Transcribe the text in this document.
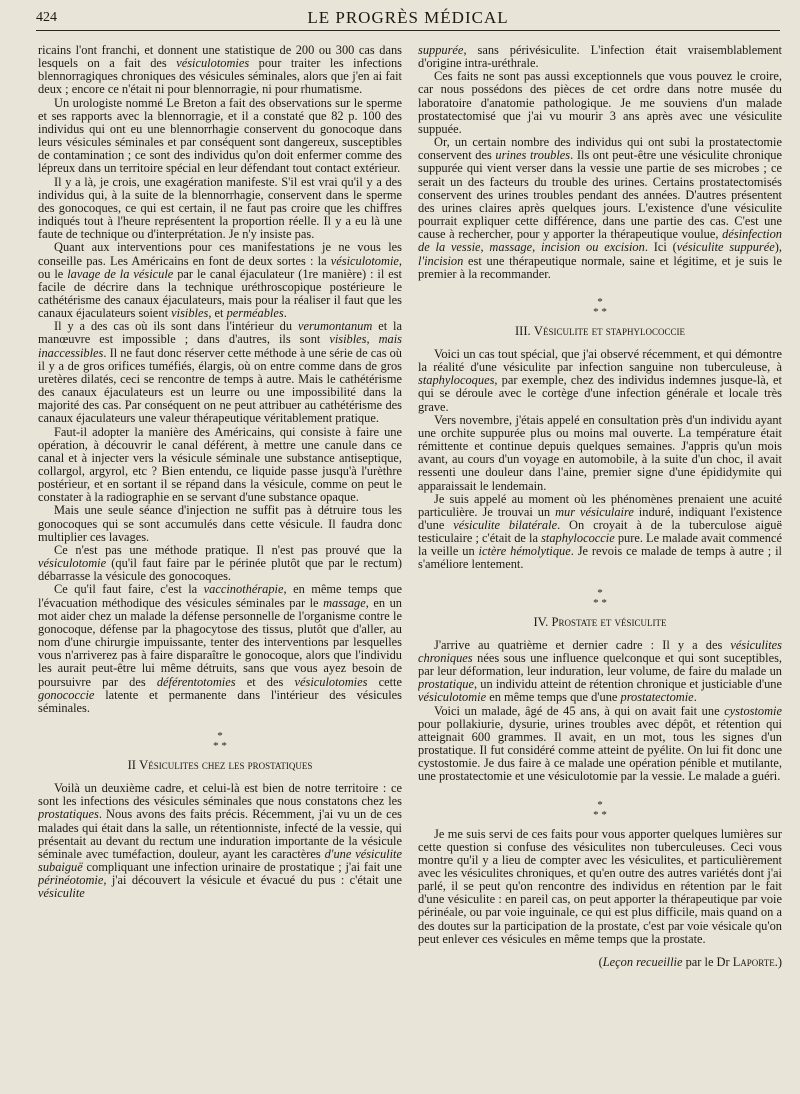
424	LE PROGRÈS MÉDICAL

ricains l'ont franchi, et donnent une statistique de 200 ou 300 cas dans lesquels on a fait des vésiculotomies pour traiter les infections blennorragiques chroniques des vésicules séminales, alors que j'en ai fait deux ; encore ce n'était ni pour blennorragie, ni pour rhumatisme.

Un urologiste nommé Le Breton a fait des observations sur le sperme et ses rapports avec la blennorragie, et il a constaté que 82 p. 100 des individus qui ont eu une blennorrhagie conservent du gonocoque dans leurs vésicules séminales et par conséquent sont dangereux, susceptibles de contamination ; ce sont des individus qu'on doit enfermer comme des lépreux dans un territoire spécial en leur défendant tout contact extérieur.

Il y a là, je crois, une exagération manifeste. S'il est vrai qu'il y a des individus qui, à la suite de la blennorrhagie, conservent dans le sperme des gonocoques, ce qui est certain, il ne faut pas croire que les chiffres indiqués tout à l'heure représentent la proportion réelle. Il y a eu là une faute de technique ou d'interprétation. Je n'y insiste pas.

Quant aux interventions pour ces manifestations je ne vous les conseille pas. Les Américains en font de deux sortes : la vésiculotomie, ou le lavage de la vésicule par le canal éjaculateur (1re manière) : il est facile de décrire dans la technique uréthroscopique postérieure le cathétérisme des canaux éjaculateurs, mais pour la réaliser il faut que les canaux éjaculateurs soient visibles, et perméables.

Il y a des cas où ils sont dans l'intérieur du verumontanum et la manœuvre est impossible ; dans d'autres, ils sont visibles, mais inaccessibles. Il ne faut donc réserver cette méthode à une série de cas où il y a de gros orifices tuméfiés, élargis, où on entre comme dans de gros uretères dilatés, ceci se rencontre de temps à autre. Mais le cathétérisme des canaux éjaculateurs est un leurre ou une impossibilité dans la majorité des cas. Par conséquent on ne peut attribuer au cathétérisme des canaux éjaculateurs une valeur thérapeutique véritablement pratique.

Faut-il adopter la manière des Américains, qui consiste à faire une opération, à découvrir le canal déférent, à mettre une canule dans ce canal et à injecter vers la vésicule séminale une substance antiseptique, collargol, argyrol, etc ? Bien entendu, ce liquide passe jusqu'à l'urèthre postérieur, et en sortant il se répand dans la vésicule, comme on peut le constater à la radiographie en se servant d'une substance opaque.

Mais une seule séance d'injection ne suffit pas à détruire tous les gonocoques qui se sont accumulés dans cette vésicule. Il faudra donc multiplier ces lavages.

Ce n'est pas une méthode pratique. Il n'est pas prouvé que la vésiculotomie (qu'il faut faire par le périnée plutôt que par le rectum) débarrasse la vésicule des gonocoques.

Ce qu'il faut faire, c'est la vaccinothérapie, en même temps que l'évacuation méthodique des vésicules séminales par le massage, en un mot aider chez un malade la défense personnelle de l'organisme contre le gonocoque, défense par la phagocytose des tissus, plutôt que d'aller, au nom d'une chirurgie impuissante, tenter des interventions par lesquelles vous n'arriverez pas à faire disparaître le gonocoque, alors que l'individu les aurait peut-être lui même détruits, sans que vous ayez besoin de poursuivre par des déférentotomies et des vésiculotomies cette gonococcie latente et permanente dans l'intérieur des vésicules séminales.

*
* *
II Vésiculites chez les prostatiques

Voilà un deuxième cadre, et celui-là est bien de notre territoire : ce sont les infections des vésicules séminales que nous constatons chez les prostatiques. Nous avons des faits précis. Récemment, j'ai vu un de ces malades qui était dans la salle, un rétentionniste, infecté de la vessie, qui présentait au devant du rectum une induration importante de la vésicule séminale avec tuméfaction, douleur, ayant les caractères d'une vésiculite subaiguë compliquant une infection urinaire de prostatique ; j'ai fait une périnéotomie, j'ai découvert la vésicule et évacué du pus : c'était une vésiculite

suppurée, sans périvésiculite. L'infection était vraisemblablement d'origine intra-uréthrale.

Ces faits ne sont pas aussi exceptionnels que vous pouvez le croire, car nous possédons des pièces de cet ordre dans notre musée du laboratoire d'anatomie pathologique. Je me souviens d'un malade prostatectomisé que j'ai vu mourir 3 ans après avec une vésiculite suppuée.

Or, un certain nombre des individus qui ont subi la prostatectomie conservent des urines troubles. Ils ont peut-être une vésiculite chronique suppurée qui vient verser dans la vessie une partie de ses microbes ; ce serait un des facteurs du trouble des urines. Certains prostatectomisés conservent des urines troubles pendant des années. D'autres présentent des urines claires après quelques jours. L'existence d'une vésiculite pourrait expliquer cette différence, dans une partie des cas. C'est une cause à rechercher, pour y apporter la thérapeutique voulue, désinfection de la vessie, massage, incision ou excision. Ici (vésiculite suppurée), l'incision est une thérapeutique normale, saine et légitime, et je suis le premier à la recommander.

*
* *
III. Vésiculite et staphylococcie

Voici un cas tout spécial, que j'ai observé récemment, et qui démontre la réalité d'une vésiculite par infection sanguine non tuberculeuse, à staphylocoques, par exemple, chez des individus indemnes jusque-là, et qui se déroule avec le cortège d'une infection générale et locale très grave.

Vers novembre, j'étais appelé en consultation près d'un individu ayant une orchite suppurée plus ou moins mal ouverte. La température était rémittente et continue depuis quelques semaines. J'appris qu'un mois avant, au cours d'un voyage en automobile, à la suite d'un choc, il avait ressenti une douleur dans l'aine, premier signe d'une épididymite qui apparaissait le lendemain.

Je suis appelé au moment où les phénomènes prenaient une acuité particulière. Je trouvai un mur vésiculaire induré, indiquant l'existence d'une vésiculite bilatérale. On croyait à de la tuberculose aiguë testiculaire ; c'était de la staphylococcie pure. Le malade avait commencé la veille un ictère hémolytique. Je revois ce malade de temps à autre ; il s'améliore lentement.

*
* *
IV. Prostate et vésiculite

J'arrive au quatrième et dernier cadre : Il y a des vésiculites chroniques nées sous une influence quelconque et qui sont suceptibles, par leur déformation, leur induration, leur volume, de faire du malade un prostatique, un individu atteint de rétention chronique et justiciable d'une vésiculotomie en même temps que d'une prostatectomie.

Voici un malade, âgé de 45 ans, à qui on avait fait une cystostomie pour pollakiurie, dysurie, urines troubles avec dépôt, et rétention qui atteignait 600 grammes. Il avait, en un mot, tous les signes d'un prostatique. Il fut considéré comme atteint de pyélite. On lui fit donc une cystostomie. Je dus faire à ce malade une opération pénible et mutilante, une prostatectomie et une vésiculotomie par la vessie. Le malade a guéri.

*
* *

Je me suis servi de ces faits pour vous apporter quelques lumières sur cette question si confuse des vésiculites non tuberculeuses. Ceci vous montre qu'il y a lieu de compter avec les vésiculites, et particulièrement avec les vésiculites chroniques, et qu'en outre des autres variétés dont j'ai parlé, il se peut qu'on rencontre des individus en rétention par le fait d'une vésiculite : en pareil cas, on peut apporter la thérapeutique par voie périnéale, ou par voie inguinale, ce qui est plus difficile, mais quand on a des doutes sur la participation de la prostate, c'est par voie vésicale qu'on peut enlever ces vésicules en même temps que la prostate.

(Leçon recueillie par le Dr Laporte.)
